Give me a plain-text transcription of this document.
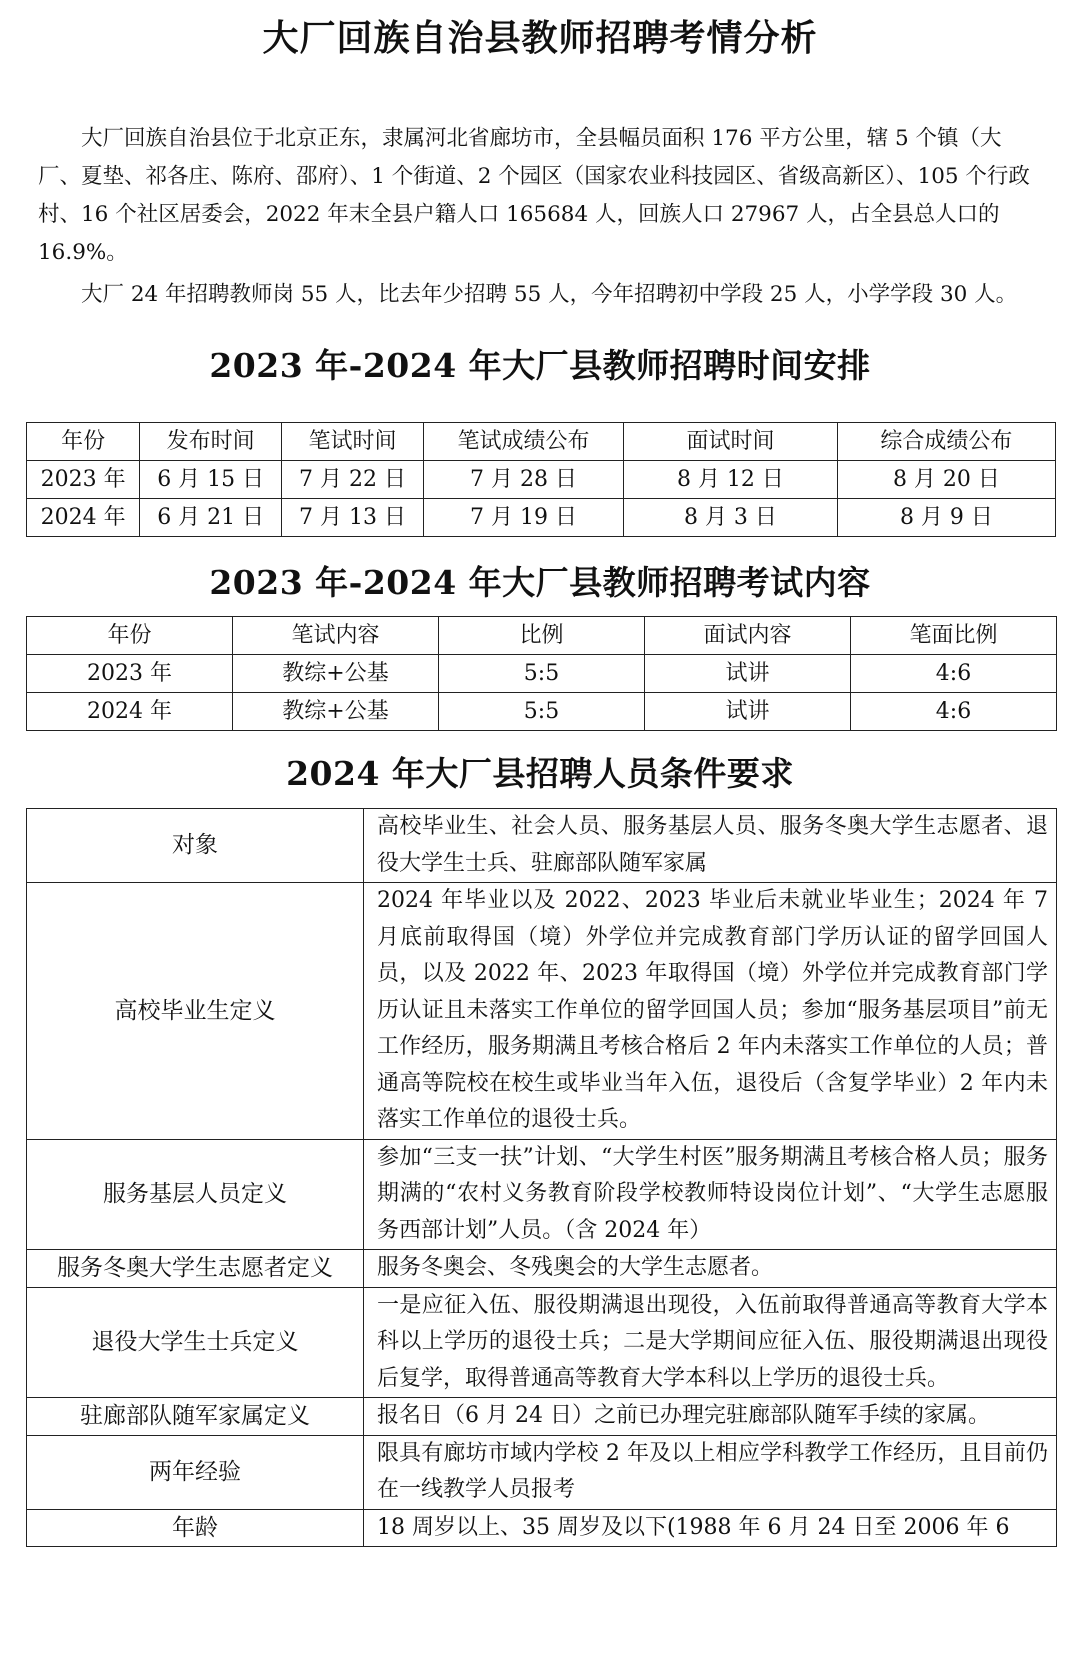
大厂回族自治县教师招聘考情分析

大厂回族自治县位于北京正东，隶属河北省廊坊市，全县幅员面积 176 平方公里，辖 5 个镇（大厂、夏垫、祁各庄、陈府、邵府）、1 个街道、2 个园区（国家农业科技园区、省级高新区）、105 个行政村、16 个社区居委会，2022 年末全县户籍人口 165684 人，回族人口 27967 人，占全县总人口的 16.9%。

大厂 24 年招聘教师岗 55 人，比去年少招聘 55 人，今年招聘初中学段 25 人，小学学段 30 人。

2023 年-2024 年大厂县教师招聘时间安排
年份	发布时间	笔试时间	笔试成绩公布	面试时间	综合成绩公布
2023 年	6 月 15 日	7 月 22 日	7 月 28 日	8 月 12 日	8 月 20 日
2024 年	6 月 21 日	7 月 13 日	7 月 19 日	8 月 3 日	8 月 9 日
2023 年-2024 年大厂县教师招聘考试内容
年份	笔试内容	比例	面试内容	笔面比例
2023 年	教综+公基	5:5	试讲	4:6
2024 年	教综+公基	5:5	试讲	4:6
2024 年大厂县招聘人员条件要求
对象	高校毕业生、社会人员、服务基层人员、服务冬奥大学生志愿者、退役大学生士兵、驻廊部队随军家属
高校毕业生定义	2024 年毕业以及 2022、2023 毕业后未就业毕业生；2024 年 7 月底前取得国（境）外学位并完成教育部门学历认证的留学回国人员，以及 2022 年、2023 年取得国（境）外学位并完成教育部门学历认证且未落实工作单位的留学回国人员；参加“服务基层项目”前无工作经历，服务期满且考核合格后 2 年内未落实工作单位的人员；普通高等院校在校生或毕业当年入伍，退役后（含复学毕业）2 年内未落实工作单位的退役士兵。
服务基层人员定义	参加“三支一扶”计划、“大学生村医”服务期满且考核合格人员；服务期满的“农村义务教育阶段学校教师特设岗位计划”、“大学生志愿服务西部计划”人员。（含 2024 年）
服务冬奥大学生志愿者定义	服务冬奥会、冬残奥会的大学生志愿者。
退役大学生士兵定义	一是应征入伍、服役期满退出现役，入伍前取得普通高等教育大学本科以上学历的退役士兵；二是大学期间应征入伍、服役期满退出现役后复学，取得普通高等教育大学本科以上学历的退役士兵。
驻廊部队随军家属定义	报名日（6 月 24 日）之前已办理完驻廊部队随军手续的家属。
两年经验	限具有廊坊市域内学校 2 年及以上相应学科教学工作经历，且目前仍在一线教学人员报考
年龄	18 周岁以上、35 周岁及以下(1988 年 6 月 24 日至 2006 年 6
